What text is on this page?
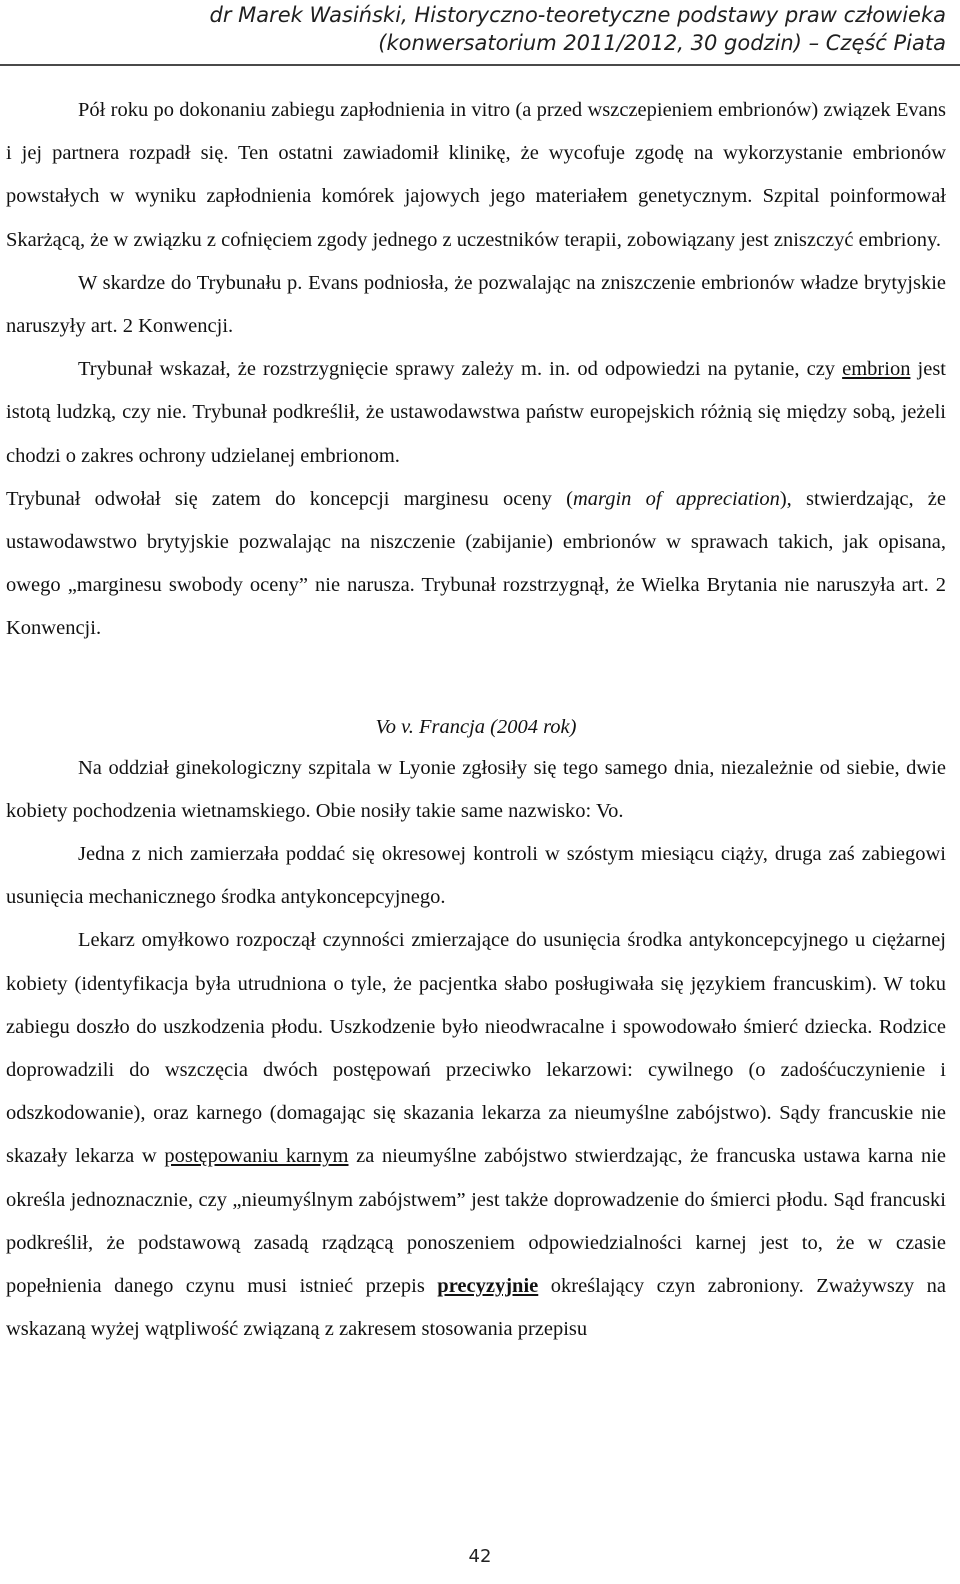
dr Marek Wasiński, Historyczno-teoretyczne podstawy praw człowieka
(konwersatorium 2011/2012, 30 godzin) – Część Piata

Pół roku po dokonaniu zabiegu zapłodnienia in vitro (a przed wszczepieniem embrionów) związek Evans i jej partnera rozpadł się. Ten ostatni zawiadomił klinikę, że wycofuje zgodę na wykorzystanie embrionów powstałych w wyniku zapłodnienia komórek jajowych jego materiałem genetycznym. Szpital poinformował Skarżącą, że w związku z cofnięciem zgody jednego z uczestników terapii, zobowiązany jest zniszczyć embriony.

W skardze do Trybunału p. Evans podniosła, że pozwalając na zniszczenie embrionów władze brytyjskie naruszyły art. 2 Konwencji.

Trybunał wskazał, że rozstrzygnięcie sprawy zależy m. in. od odpowiedzi na pytanie, czy embrion jest istotą ludzką, czy nie. Trybunał podkreślił, że ustawodawstwa państw europejskich różnią się między sobą, jeżeli chodzi o zakres ochrony udzielanej embrionom.

Trybunał odwołał się zatem do koncepcji marginesu oceny (margin of appreciation), stwierdzając, że ustawodawstwo brytyjskie pozwalając na niszczenie (zabijanie) embrionów w sprawach takich, jak opisana, owego „marginesu swobody oceny” nie narusza. Trybunał rozstrzygnął, że Wielka Brytania nie naruszyła art. 2 Konwencji.

Vo v. Francja (2004 rok)

Na oddział ginekologiczny szpitala w Lyonie zgłosiły się tego samego dnia, niezależnie od siebie, dwie kobiety pochodzenia wietnamskiego. Obie nosiły takie same nazwisko: Vo.

Jedna z nich zamierzała poddać się okresowej kontroli w szóstym miesiącu ciąży, druga zaś zabiegowi usunięcia mechanicznego środka antykoncepcyjnego.

Lekarz omyłkowo rozpoczął czynności zmierzające do usunięcia środka antykoncepcyjnego u ciężarnej kobiety (identyfikacja była utrudniona o tyle, że pacjentka słabo posługiwała się językiem francuskim). W toku zabiegu doszło do uszkodzenia płodu. Uszkodzenie było nieodwracalne i spowodowało śmierć dziecka. Rodzice doprowadzili do wszczęcia dwóch postępowań przeciwko lekarzowi: cywilnego (o zadośćuczynienie i odszkodowanie), oraz karnego (domagając się skazania lekarza za nieumyślne zabójstwo). Sądy francuskie nie skazały lekarza w postępowaniu karnym za nieumyślne zabójstwo stwierdzając, że francuska ustawa karna nie określa jednoznacznie, czy „nieumyślnym zabójstwem” jest także doprowadzenie do śmierci płodu. Sąd francuski podkreślił, że podstawową zasadą rządzącą ponoszeniem odpowiedzialności karnej jest to, że w czasie popełnienia danego czynu musi istnieć przepis precyzyjnie określający czyn zabroniony. Zważywszy na wskazaną wyżej wątpliwość związaną z zakresem stosowania przepisu

42
